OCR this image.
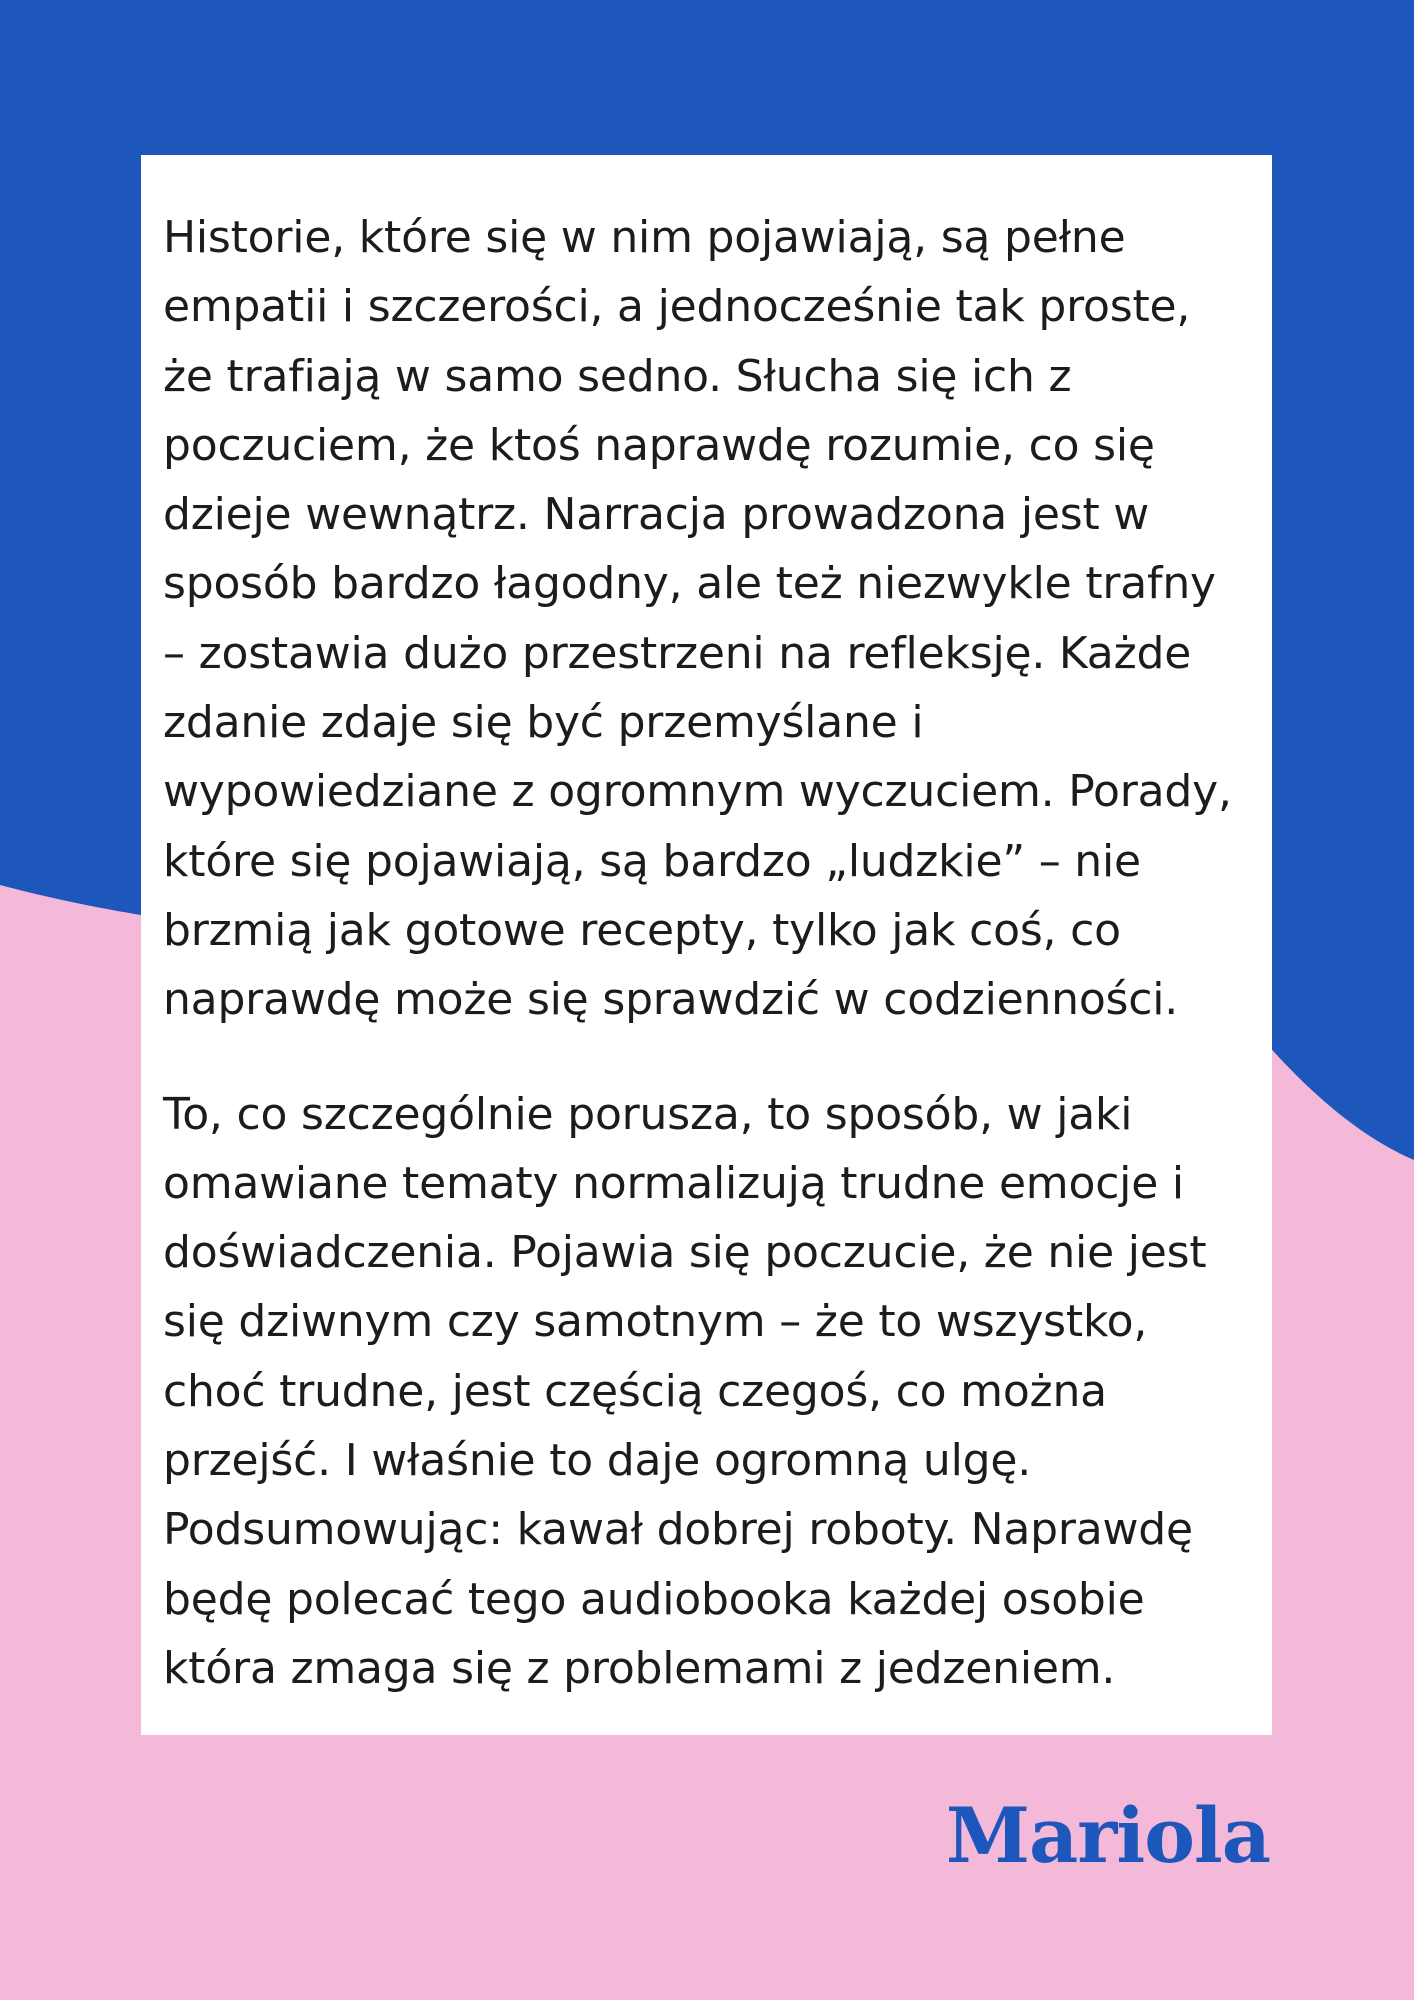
Historie, które się w nim pojawiają, są pełne empatii i szczerości, a jednocześnie tak proste, że trafiają w samo sedno. Słucha się ich z poczuciem, że ktoś naprawdę rozumie, co się dzieje wewnątrz. Narracja prowadzona jest w sposób bardzo łagodny, ale też niezwykle trafny – zostawia dużo przestrzeni na refleksję. Każde zdanie zdaje się być przemyślane i wypowiedziane z ogromnym wyczuciem. Porady, które się pojawiają, są bardzo „ludzkie” – nie brzmią jak gotowe recepty, tylko jak coś, co naprawdę może się sprawdzić w codzienności.

To, co szczególnie porusza, to sposób, w jaki omawiane tematy normalizują trudne emocje i doświadczenia. Pojawia się poczucie, że nie jest się dziwnym czy samotnym – że to wszystko, choć trudne, jest częścią czegoś, co można przejść. I właśnie to daje ogromną ulgę. Podsumowując: kawał dobrej roboty. Naprawdę będę polecać tego audiobooka każdej osobie która zmaga się z problemami z jedzeniem.

Mariola
